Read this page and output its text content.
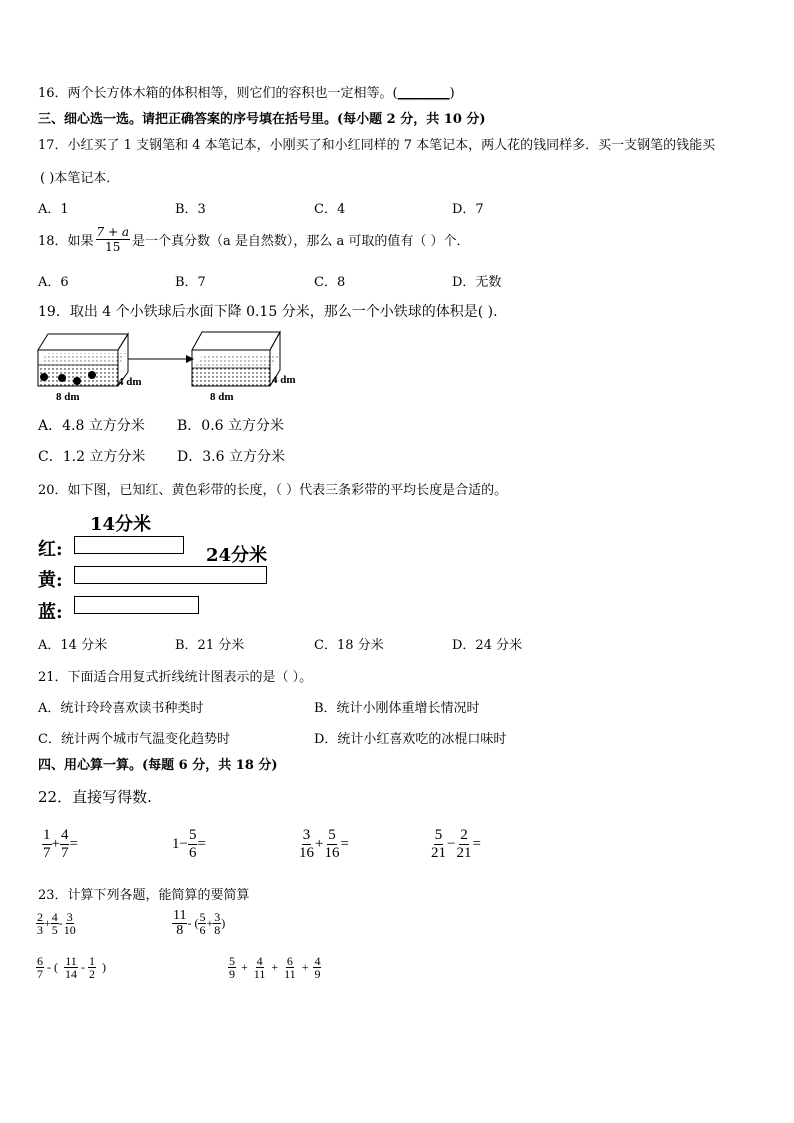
16．两个长方体木箱的体积相等，则它们的容积也一定相等。(________)
三、细心选一选。请把正确答案的序号填在括号里。(每小题 2 分，共 10 分)
17．小红买了 1 支钢笔和 4 本笔记本，小刚买了和小红同样的 7 本笔记本，两人花的钱同样多．买一支钢笔的钱能买
( )本笔记本．
A．1	B．3	C．4	D．7
18．如果 $\frac{7 + a}{15}$ 是一个真分数（a 是自然数），那么 a 可取的值有（ ）个．
A．6	B．7	C．8	D．无数
19．取出 4 个小铁球后水面下降 0.15 分米，那么一个小铁球的体积是( ).
4 dm	4 dm
8 dm	8 dm
A．4.8 立方分米 B．0.6 立方分米
C．1.2 立方分米 D．3.6 立方分米
20．如下图，已知红、黄色彩带的长度，（ ）代表三条彩带的平均长度是合适的。
14分米
红:	24分米
黄:
蓝:
A．14 分米	B．21 分米	C．18 分米	D．24 分米
21．下面适合用复式折线统计图表示的是（ ）。
A．统计玲玲喜欢读书种类时	B．统计小刚体重增长情况时
C．统计两个城市气温变化趋势时	D．统计小红喜欢吃的冰棍口味时
四、用心算一算。(每题 6 分，共 18 分)
22．直接写得数.
$\frac{1}{7} + \frac{4}{7}$ =	$1- \frac{5}{6}$ =	$\frac{3}{16} + \frac{5}{16}$ =	$\frac{5}{21} - \frac{2}{21}$ =
23．计算下列各题，能简算的要简算
$\frac{2}{3} + \frac{4}{5} - \frac{3}{10}$	$\frac{11}{8}$ - ( $\frac{5}{6} + \frac{3}{8}$ )
$\frac{6}{7}$ - ( $\frac{11}{14} - \frac{1}{2}$ )	$\frac{5}{9} + \frac{4}{11} + \frac{6}{11} + \frac{4}{9}$
